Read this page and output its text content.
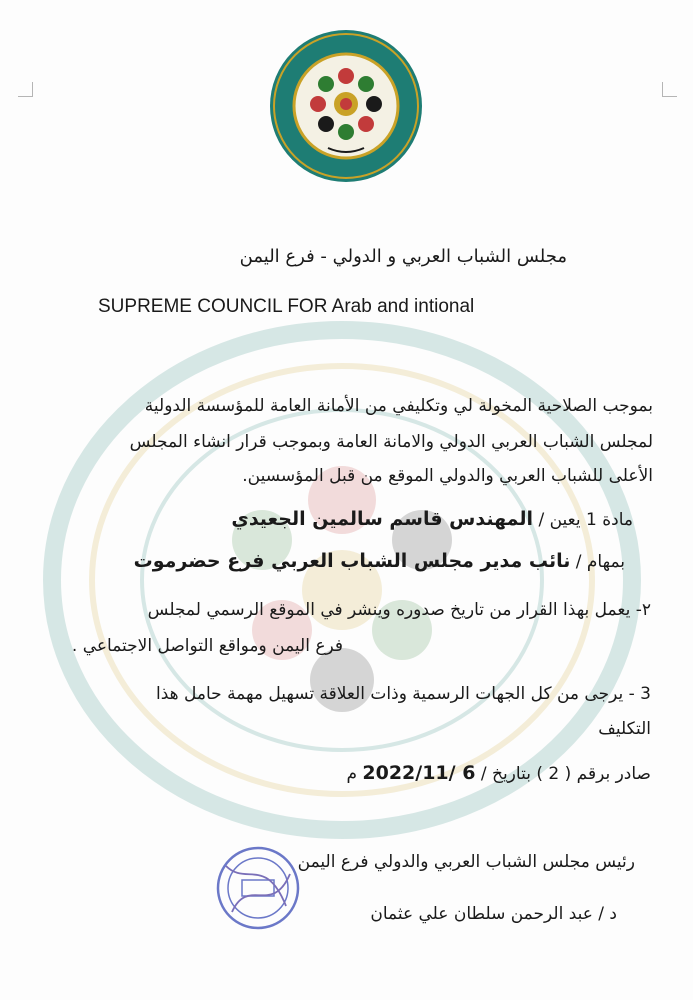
مجلس الشباب العربي و الدولي - فرع اليمن
SUPREME COUNCIL FOR Arab and intional
بموجب الصلاحية المخولة لي وتكليفي من الأمانة العامة للمؤسسة الدولية
لمجلس الشباب العربي الدولي والامانة العامة وبموجب قرار انشاء المجلس
الأعلى للشباب العربي والدولي الموقع من قبل المؤسسين.
مادة 1 يعين / المهندس قاسم سالمين الجعيدي
بمهام / نائب مدير مجلس الشباب العربي فرع حضرموت
٢- يعمل بهذا القرار من تاريخ صدوره وينشر في الموقع الرسمي لمجلس
فرع اليمن ومواقع التواصل الاجتماعي .
3 - يرجى من كل الجهات الرسمية وذات العلاقة تسهيل مهمة حامل هذا
التكليف
صادر برقم ( 2 ) بتاريخ / 2022/11/ 6 م
رئيس مجلس الشباب العربي والدولي فرع اليمن
د / عبد الرحمن سلطان علي عثمان
